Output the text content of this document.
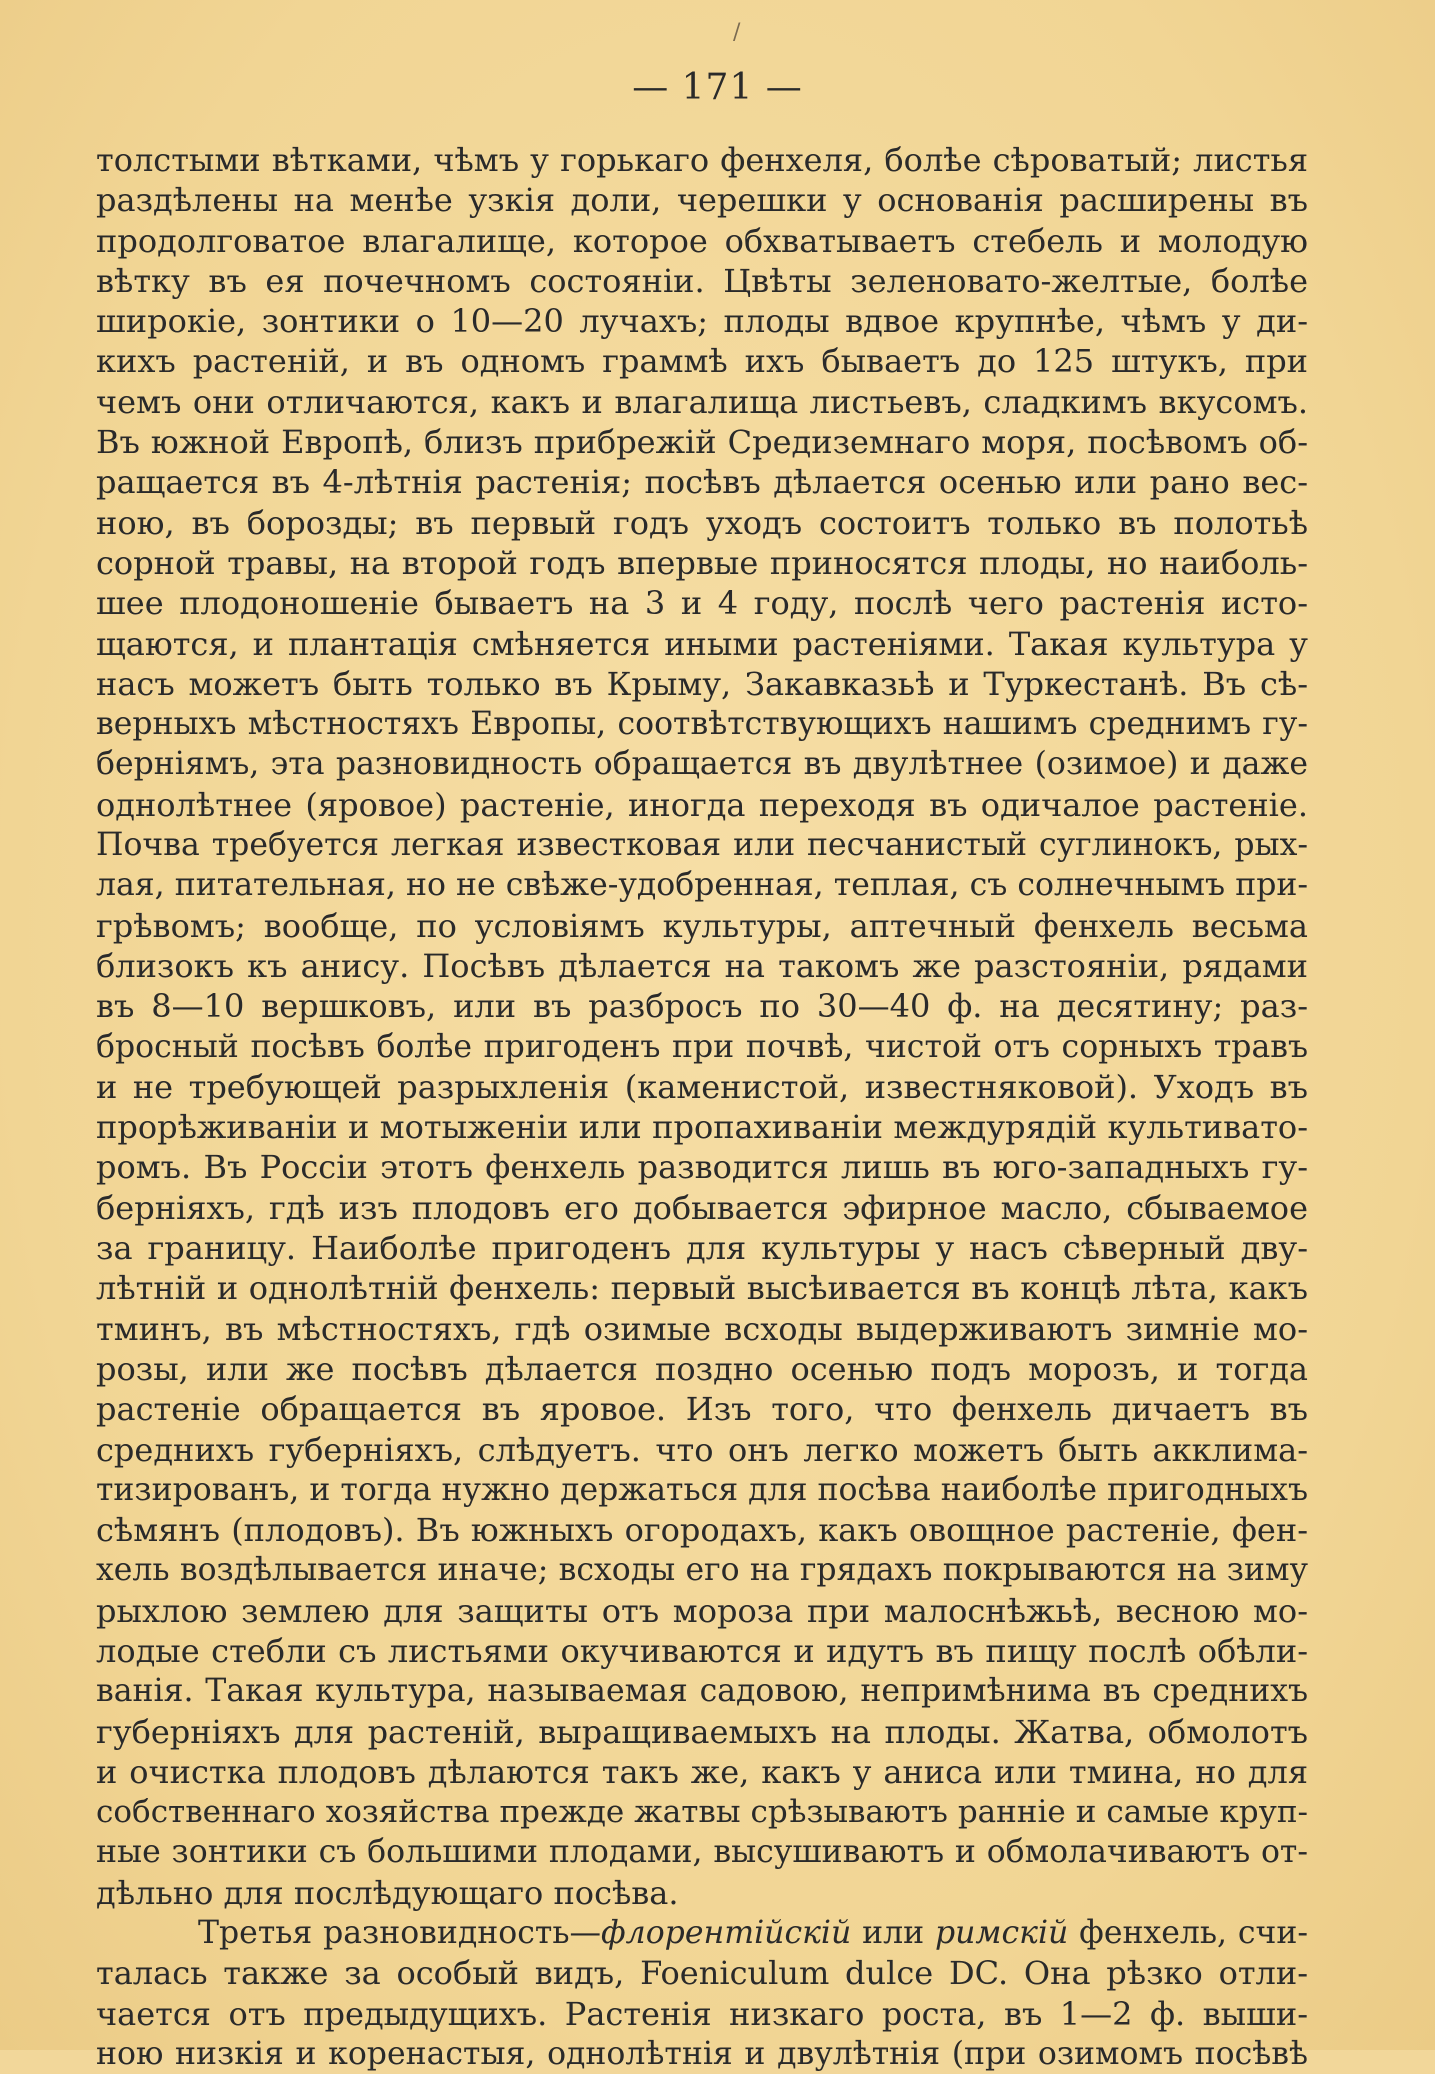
/
— 171 —
толстыми вѣтками, чѣмъ у горькаго фенхеля, болѣе сѣроватый; листья
раздѣлены на менѣе узкія доли, черешки у основанія расширены въ
продолговатое влагалище, которое обхватываетъ стебель и молодую
вѣтку въ ея почечномъ состояніи. Цвѣты зеленовато-желтые, болѣе
широкіе, зонтики о 10—20 лучахъ; плоды вдвое крупнѣе, чѣмъ у ди-
кихъ растеній, и въ одномъ граммѣ ихъ бываетъ до 125 штукъ, при
чемъ они отличаются, какъ и влагалища листьевъ, сладкимъ вкусомъ.
Въ южной Европѣ, близъ прибрежій Средиземнаго моря, посѣвомъ об-
ращается въ 4-лѣтнія растенія; посѣвъ дѣлается осенью или рано вес-
ною, въ борозды; въ первый годъ уходъ состоитъ только въ полотьѣ
сорной травы, на второй годъ впервые приносятся плоды, но наиболь-
шее плодоношеніе бываетъ на 3 и 4 году, послѣ чего растенія исто-
щаются, и плантація смѣняется иными растеніями. Такая культура у
насъ можетъ быть только въ Крыму, Закавказьѣ и Туркестанѣ. Въ сѣ-
верныхъ мѣстностяхъ Европы, соотвѣтствующихъ нашимъ среднимъ гу-
берніямъ, эта разновидность обращается въ двулѣтнее (озимое) и даже
однолѣтнее (яровое) растеніе, иногда переходя въ одичалое растеніе.
Почва требуется легкая известковая или песчанистый суглинокъ, рых-
лая, питательная, но не свѣже-удобренная, теплая, съ солнечнымъ при-
грѣвомъ; вообще, по условіямъ культуры, аптечный фенхель весьма
близокъ къ анису. Посѣвъ дѣлается на такомъ же разстояніи, рядами
въ 8—10 вершковъ, или въ разбросъ по 30—40 ф. на десятину; раз-
бросный посѣвъ болѣе пригоденъ при почвѣ, чистой отъ сорныхъ травъ
и не требующей разрыхленія (каменистой, известняковой). Уходъ въ
прорѣживаніи и мотыженіи или пропахиваніи междурядій культивато-
ромъ. Въ Россіи этотъ фенхель разводится лишь въ юго-западныхъ гу-
берніяхъ, гдѣ изъ плодовъ его добывается эфирное масло, сбываемое
за границу. Наиболѣе пригоденъ для культуры у насъ сѣверный дву-
лѣтній и однолѣтній фенхель: первый высѣивается въ концѣ лѣта, какъ
тминъ, въ мѣстностяхъ, гдѣ озимые всходы выдерживаютъ зимніе мо-
розы, или же посѣвъ дѣлается поздно осенью подъ морозъ, и тогда
растеніе обращается въ яровое. Изъ того, что фенхель дичаетъ въ
среднихъ губерніяхъ, слѣдуетъ. что онъ легко можетъ быть акклима-
тизированъ, и тогда нужно держаться для посѣва наиболѣе пригодныхъ
сѣмянъ (плодовъ). Въ южныхъ огородахъ, какъ овощное растеніе, фен-
хель воздѣлывается иначе; всходы его на грядахъ покрываются на зиму
рыхлою землею для защиты отъ мороза при малоснѣжьѣ, весною мо-
лодые стебли съ листьями окучиваются и идутъ въ пищу послѣ обѣли-
ванія. Такая культура, называемая садовою, непримѣнима въ среднихъ
губерніяхъ для растеній, выращиваемыхъ на плоды. Жатва, обмолотъ
и очистка плодовъ дѣлаются такъ же, какъ у аниса или тмина, но для
собственнаго хозяйства прежде жатвы срѣзываютъ ранніе и самые круп-
ные зонтики съ большими плодами, высушиваютъ и обмолачиваютъ от-
дѣльно для послѣдующаго посѣва.
Третья разновидность—флорентійскій или римскій фенхель, счи-
талась также за особый видъ, Foeniculum dulce DC. Она рѣзко отли-
чается отъ предыдущихъ. Растенія низкаго роста, въ 1—2 ф. выши-
ною низкія и коренастыя, однолѣтнія и двулѣтнія (при озимомъ посѣвѣ
